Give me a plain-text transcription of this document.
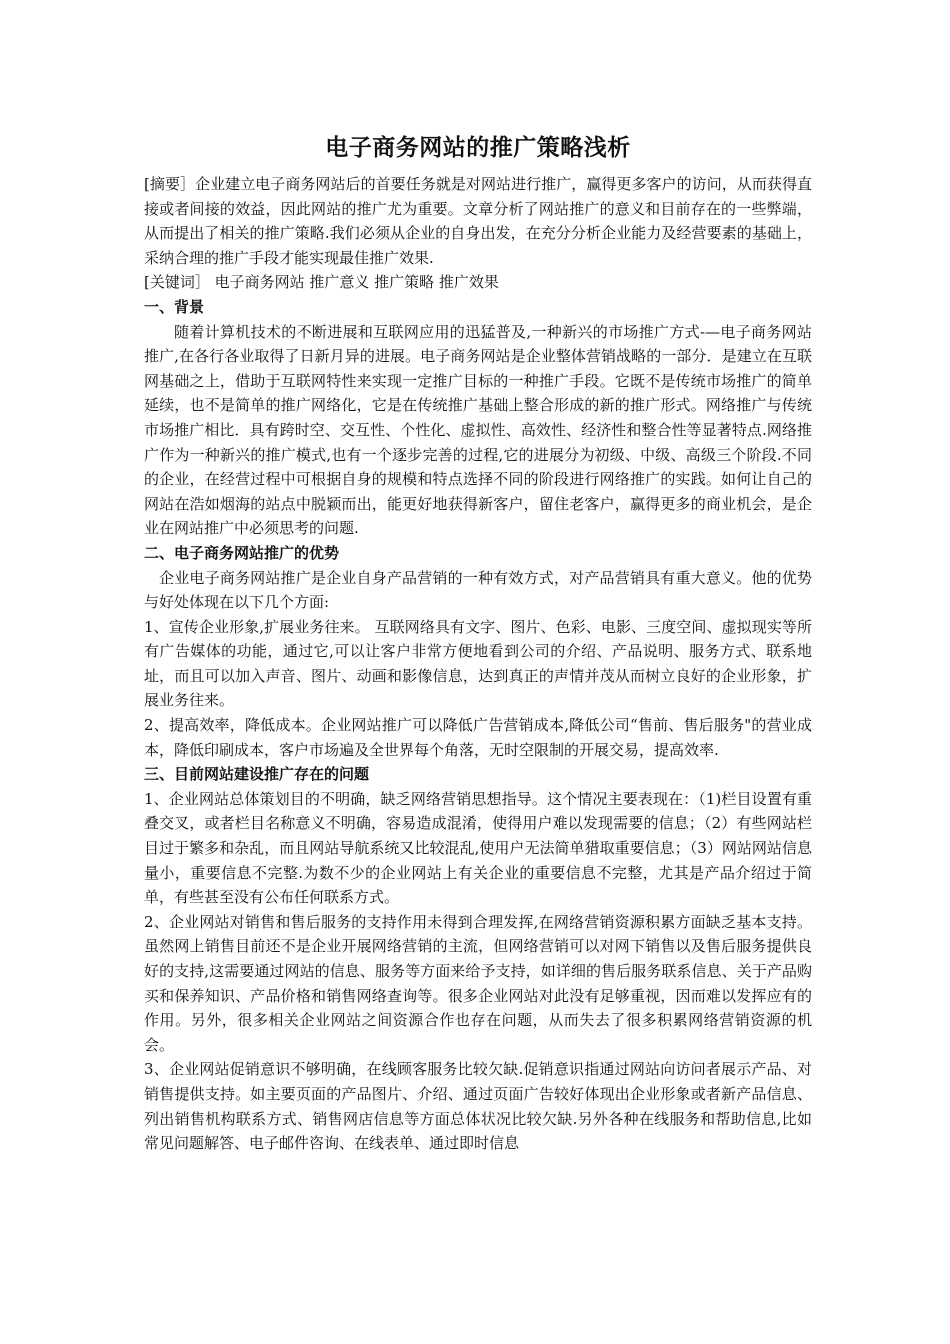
电子商务网站的推广策略浅析

[摘要］企业建立电子商务网站后的首要任务就是对网站进行推广，赢得更多客户的访问，从而获得直接或者间接的效益，因此网站的推广尤为重要。文章分析了网站推广的意义和目前存在的一些弊端，从而提出了相关的推广策略.我们必须从企业的自身出发，在充分分析企业能力及经营要素的基础上，采纳合理的推广手段才能实现最佳推广效果.

[关键词］ 电子商务网站 推广意义 推广策略 推广效果

一、背景

随着计算机技术的不断进展和互联网应用的迅猛普及,一种新兴的市场推广方式-—电子商务网站推广,在各行各业取得了日新月异的进展。电子商务网站是企业整体营销战略的一部分．是建立在互联网基础之上，借助于互联网特性来实现一定推广目标的一种推广手段。它既不是传统市场推广的简单延续，也不是简单的推广网络化，它是在传统推广基础上整合形成的新的推广形式。网络推广与传统市场推广相比．具有跨时空、交互性、个性化、虚拟性、高效性、经济性和整合性等显著特点.网络推广作为一种新兴的推广模式,也有一个逐步完善的过程,它的进展分为初级、中级、高级三个阶段.不同的企业，在经营过程中可根据自身的规模和特点选择不同的阶段进行网络推广的实践。如何让自己的网站在浩如烟海的站点中脱颖而出，能更好地获得新客户，留住老客户，赢得更多的商业机会，是企业在网站推广中必须思考的问题.

二、电子商务网站推广的优势

企业电子商务网站推广是企业自身产品营销的一种有效方式，对产品营销具有重大意义。他的优势与好处体现在以下几个方面:

1、宣传企业形象,扩展业务往来。 互联网络具有文字、图片、色彩、电影、三度空间、虚拟现实等所有广告媒体的功能，通过它,可以让客户非常方便地看到公司的介绍、产品说明、服务方式、联系地址，而且可以加入声音、图片、动画和影像信息，达到真正的声情并茂从而树立良好的企业形象，扩展业务往来。

2、提高效率，降低成本。企业网站推广可以降低广告营销成本,降低公司“售前、售后服务"的营业成本，降低印刷成本，客户市场遍及全世界每个角落，无时空限制的开展交易，提高效率.

三、目前网站建设推广存在的问题

1、企业网站总体策划目的不明确，缺乏网络营销思想指导。这个情况主要表现在：（1)栏目设置有重叠交叉，或者栏目名称意义不明确，容易造成混淆，使得用户难以发现需要的信息；（2）有些网站栏目过于繁多和杂乱，而且网站导航系统又比较混乱,使用户无法简单猎取重要信息；（3）网站网站信息量小，重要信息不完整.为数不少的企业网站上有关企业的重要信息不完整，尤其是产品介绍过于简单，有些甚至没有公布任何联系方式。

2、企业网站对销售和售后服务的支持作用未得到合理发挥,在网络营销资源积累方面缺乏基本支持。虽然网上销售目前还不是企业开展网络营销的主流，但网络营销可以对网下销售以及售后服务提供良好的支持,这需要通过网站的信息、服务等方面来给予支持，如详细的售后服务联系信息、关于产品购买和保养知识、产品价格和销售网络查询等。很多企业网站对此没有足够重视，因而难以发挥应有的作用。另外，很多相关企业网站之间资源合作也存在问题，从而失去了很多积累网络营销资源的机会。

3、企业网站促销意识不够明确，在线顾客服务比较欠缺.促销意识指通过网站向访问者展示产品、对销售提供支持。如主要页面的产品图片、介绍、通过页面广告较好体现出企业形象或者新产品信息、列出销售机构联系方式、销售网店信息等方面总体状况比较欠缺.另外各种在线服务和帮助信息,比如常见问题解答、电子邮件咨询、在线表单、通过即时信息
